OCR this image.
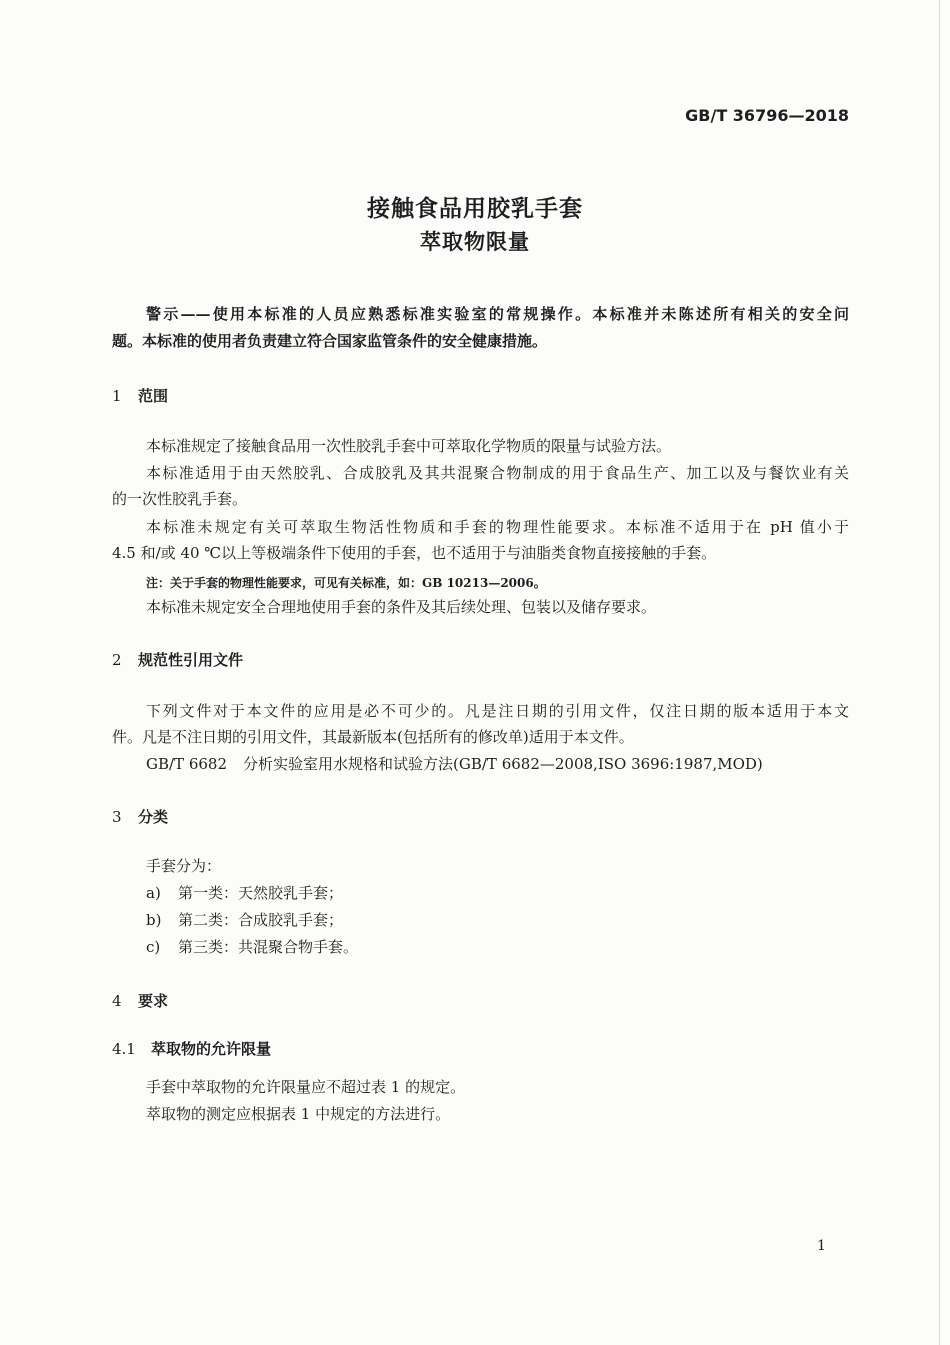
GB/T 36796—2018
接触食品用胶乳手套
萃取物限量
警示——使用本标准的人员应熟悉标准实验室的常规操作。本标准并未陈述所有相关的安全问
题。本标准的使用者负责建立符合国家监管条件的安全健康措施。
1 范围
本标准规定了接触食品用一次性胶乳手套中可萃取化学物质的限量与试验方法。
本标准适用于由天然胶乳、合成胶乳及其共混聚合物制成的用于食品生产、加工以及与餐饮业有关
的一次性胶乳手套。
本标准未规定有关可萃取生物活性物质和手套的物理性能要求。本标准不适用于在 pH 值小于
4.5 和/或 40 ℃以上等极端条件下使用的手套，也不适用于与油脂类食物直接接触的手套。
注：关于手套的物理性能要求，可见有关标准，如：GB 10213—2006。
本标准未规定安全合理地使用手套的条件及其后续处理、包装以及储存要求。
2 规范性引用文件
下列文件对于本文件的应用是必不可少的。凡是注日期的引用文件，仅注日期的版本适用于本文
件。凡是不注日期的引用文件，其最新版本(包括所有的修改单)适用于本文件。
GB/T 6682 分析实验室用水规格和试验方法(GB/T 6682—2008,ISO 3696:1987,MOD)
3 分类
手套分为：
a) 第一类：天然胶乳手套；
b) 第二类：合成胶乳手套；
c) 第三类：共混聚合物手套。
4 要求
4.1 萃取物的允许限量
手套中萃取物的允许限量应不超过表 1 的规定。
萃取物的测定应根据表 1 中规定的方法进行。
1
